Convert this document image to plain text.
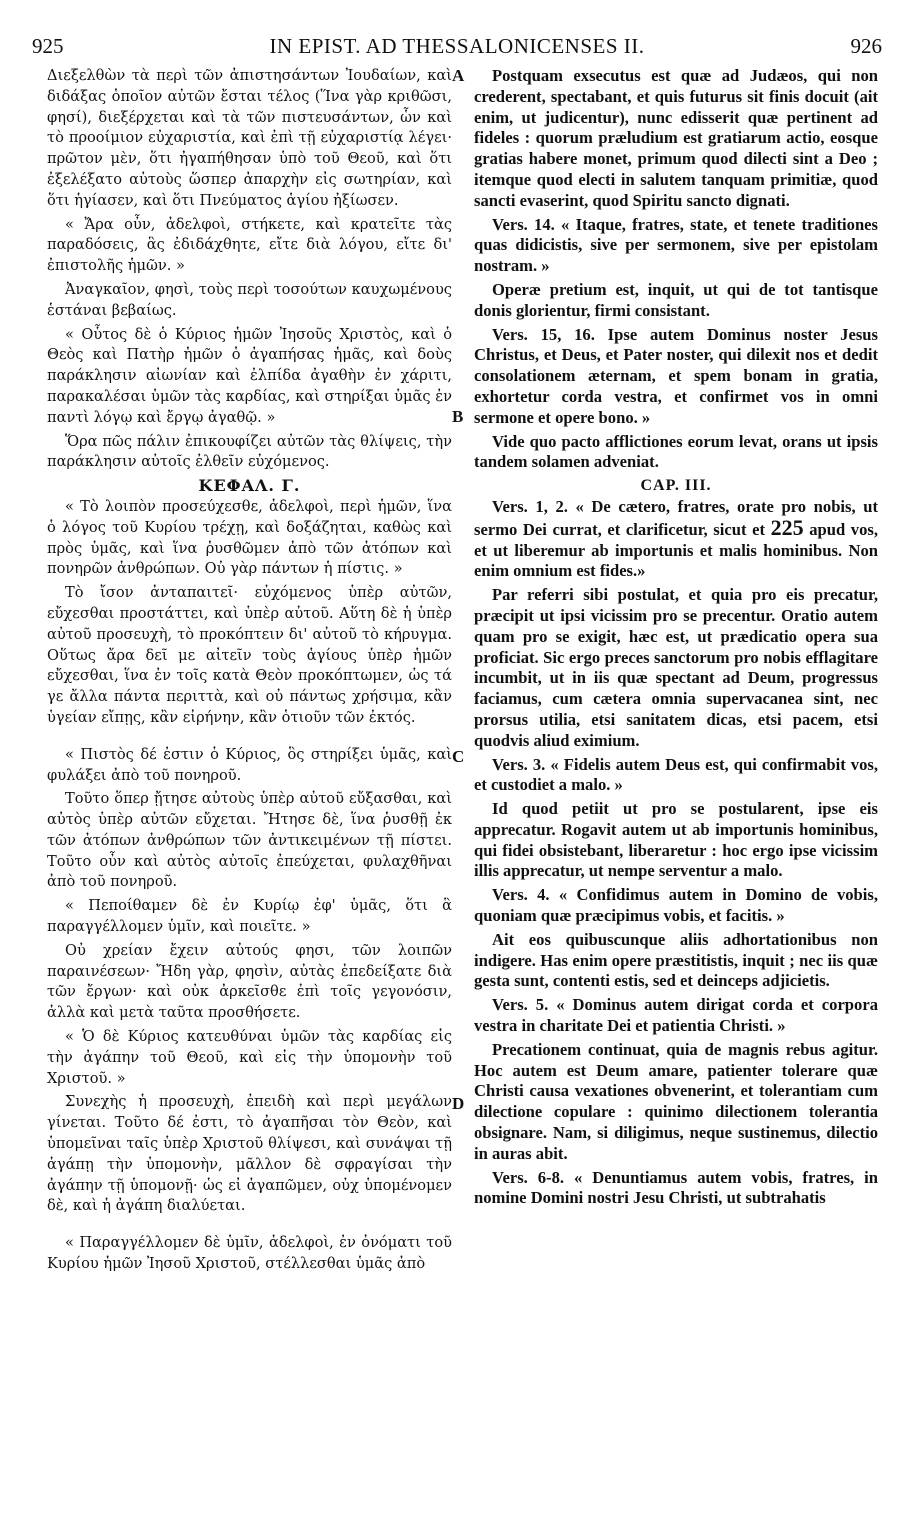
925	IN EPIST. AD THESSALONICENSES II.	926
A
B
C
D

Διεξελθὼν τὰ περὶ τῶν ἀπιστησάντων Ἰουδαίων, καὶ διδάξας ὁποῖον αὐτῶν ἔσται τέλος (Ἵνα γὰρ κριθῶσι, φησί), διεξέρχεται καὶ τὰ τῶν πιστευσάντων, ὧν καὶ τὸ προοίμιον εὐχαριστία, καὶ ἐπὶ τῇ εὐχαριστίᾳ λέγει· πρῶτον μὲν, ὅτι ἠγαπήθησαν ὑπὸ τοῦ Θεοῦ, καὶ ὅτι ἐξελέξατο αὐτοὺς ὥσπερ ἀπαρχὴν εἰς σωτηρίαν, καὶ ὅτι ἡγίασεν, καὶ ὅτι Πνεύματος ἁγίου ἠξίωσεν.

« Ἄρα οὖν, ἀδελφοὶ, στήκετε, καὶ κρατεῖτε τὰς παραδόσεις, ἃς ἐδιδάχθητε, εἴτε διὰ λόγου, εἴτε δι' ἐπιστολῆς ἡμῶν. »

Ἀναγκαῖον, φησὶ, τοὺς περὶ τοσούτων καυχωμένους ἑστάναι βεβαίως.

« Οὗτος δὲ ὁ Κύριος ἡμῶν Ἰησοῦς Χριστὸς, καὶ ὁ Θεὸς καὶ Πατὴρ ἡμῶν ὁ ἀγαπήσας ἡμᾶς, καὶ δοὺς παράκλησιν αἰωνίαν καὶ ἐλπίδα ἀγαθὴν ἐν χάριτι, παρακαλέσαι ὑμῶν τὰς καρδίας, καὶ στηρίξαι ὑμᾶς ἐν παντὶ λόγῳ καὶ ἔργῳ ἀγαθῷ. »

Ὅρα πῶς πάλιν ἐπικουφίζει αὐτῶν τὰς θλίψεις, τὴν παράκλησιν αὐτοῖς ἐλθεῖν εὐχόμενος.

ΚΕΦΑΛ. Γ.

« Τὸ λοιπὸν προσεύχεσθε, ἀδελφοὶ, περὶ ἡμῶν, ἵνα ὁ λόγος τοῦ Κυρίου τρέχῃ, καὶ δοξάζηται, καθὼς καὶ πρὸς ὑμᾶς, καὶ ἵνα ῥυσθῶμεν ἀπὸ τῶν ἀτόπων καὶ πονηρῶν ἀνθρώπων. Οὐ γὰρ πάντων ἡ πίστις. »

Τὸ ἴσον ἀνταπαιτεῖ· εὐχόμενος ὑπὲρ αὐτῶν, εὔχεσθαι προστάττει, καὶ ὑπὲρ αὐτοῦ. Αὕτη δὲ ἡ ὑπὲρ αὐτοῦ προσευχὴ, τὸ προκόπτειν δι' αὐτοῦ τὸ κήρυγμα. Οὕτως ἄρα δεῖ με αἰτεῖν τοὺς ἁγίους ὑπὲρ ἡμῶν εὔχεσθαι, ἵνα ἐν τοῖς κατὰ Θεὸν προκόπτωμεν, ὡς τά γε ἄλλα πάντα περιττὰ, καὶ οὐ πάντως χρήσιμα, κἂν ὑγείαν εἴπῃς, κἂν εἰρήνην, κἂν ὁτιοῦν τῶν ἐκτός.

« Πιστὸς δέ ἐστιν ὁ Κύριος, ὃς στηρίξει ὑμᾶς, καὶ φυλάξει ἀπὸ τοῦ πονηροῦ.

Τοῦτο ὅπερ ᾔτησε αὐτοὺς ὑπὲρ αὐτοῦ εὔξασθαι, καὶ αὐτὸς ὑπὲρ αὐτῶν εὔχεται. Ἤτησε δὲ, ἵνα ῥυσθῇ ἐκ τῶν ἀτόπων ἀνθρώπων τῶν ἀντικειμένων τῇ πίστει. Τοῦτο οὖν καὶ αὐτὸς αὐτοῖς ἐπεύχεται, φυλαχθῆναι ἀπὸ τοῦ πονηροῦ.

« Πεποίθαμεν δὲ ἐν Κυρίῳ ἐφ' ὑμᾶς, ὅτι ἃ παραγγέλλομεν ὑμῖν, καὶ ποιεῖτε. »

Οὐ χρείαν ἔχειν αὐτούς φησι, τῶν λοιπῶν παραινέσεων· Ἤδη γὰρ, φησὶν, αὐτὰς ἐπεδείξατε διὰ τῶν ἔργων· καὶ οὐκ ἀρκεῖσθε ἐπὶ τοῖς γεγονόσιν, ἀλλὰ καὶ μετὰ ταῦτα προσθήσετε.

« Ὁ δὲ Κύριος κατευθύναι ὑμῶν τὰς καρδίας εἰς τὴν ἀγάπην τοῦ Θεοῦ, καὶ εἰς τὴν ὑπομονὴν τοῦ Χριστοῦ. »

Συνεχὴς ἡ προσευχὴ, ἐπειδὴ καὶ περὶ μεγάλων γίνεται. Τοῦτο δέ ἐστι, τὸ ἀγαπῆσαι τὸν Θεὸν, καὶ ὑπομεῖναι ταῖς ὑπὲρ Χριστοῦ θλίψεσι, καὶ συνάψαι τῇ ἀγάπῃ τὴν ὑπομονὴν, μᾶλλον δὲ σφραγίσαι τὴν ἀγάπην τῇ ὑπομονῇ· ὡς εἰ ἀγαπῶμεν, οὐχ ὑπομένομεν δὲ, καὶ ἡ ἀγάπη διαλύεται.

« Παραγγέλλομεν δὲ ὑμῖν, ἀδελφοὶ, ἐν ὀνόματι τοῦ Κυρίου ἡμῶν Ἰησοῦ Χριστοῦ, στέλλεσθαι ὑμᾶς ἀπὸ

Postquam exsecutus est quæ ad Judæos, qui non crederent, spectabant, et quis futurus sit finis docuit (ait enim, ut judicentur), nunc edisserit quæ pertinent ad fideles : quorum præludium est gratiarum actio, eosque gratias habere monet, primum quod dilecti sint a Deo ; itemque quod electi in salutem tanquam primitiæ, quod sancti evaserint, quod Spiritu sancto dignati.

Vers. 14. « Itaque, fratres, state, et tenete traditiones quas didicistis, sive per sermonem, sive per epistolam nostram. »

Operæ pretium est, inquit, ut qui de tot tantisque donis glorientur, firmi consistant.

Vers. 15, 16. Ipse autem Dominus noster Jesus Christus, et Deus, et Pater noster, qui dilexit nos et dedit consolationem æternam, et spem bonam in gratia, exhortetur corda vestra, et confirmet vos in omni sermone et opere bono. »

Vide quo pacto afflictiones eorum levat, orans ut ipsis tandem solamen adveniat.

CAP. III.

Vers. 1, 2. « De cætero, fratres, orate pro nobis, ut sermo Dei currat, et clarificetur, sicut et 225 apud vos, et ut liberemur ab importunis et malis hominibus. Non enim omnium est fides.»

Par referri sibi postulat, et quia pro eis precatur, præcipit ut ipsi vicissim pro se precentur. Oratio autem quam pro se exigit, hæc est, ut prædicatio opera sua proficiat. Sic ergo preces sanctorum pro nobis efflagitare incumbit, ut in iis quæ spectant ad Deum, progressus faciamus, cum cætera omnia supervacanea sint, nec prorsus utilia, etsi sanitatem dicas, etsi pacem, etsi quodvis aliud eximium.

Vers. 3. « Fidelis autem Deus est, qui confirmabit vos, et custodiet a malo. »

Id quod petiit ut pro se postularent, ipse eis apprecatur. Rogavit autem ut ab importunis hominibus, qui fidei obsistebant, liberaretur : hoc ergo ipse vicissim illis apprecatur, ut nempe serventur a malo.

Vers. 4. « Confidimus autem in Domino de vobis, quoniam quæ præcipimus vobis, et facitis. »

Ait eos quibuscunque aliis adhortationibus non indigere. Has enim opere præstitistis, inquit ; nec iis quæ gesta sunt, contenti estis, sed et deinceps adjicietis.

Vers. 5. « Dominus autem dirigat corda et corpora vestra in charitate Dei et patientia Christi. »

Precationem continuat, quia de magnis rebus agitur. Hoc autem est Deum amare, patienter tolerare quæ Christi causa vexationes obvenerint, et tolerantiam cum dilectione copulare : quinimo dilectionem tolerantia obsignare. Nam, si diligimus, neque sustinemus, dilectio in auras abit.

Vers. 6-8. « Denuntiamus autem vobis, fratres, in nomine Domini nostri Jesu Christi, ut subtrahatis
